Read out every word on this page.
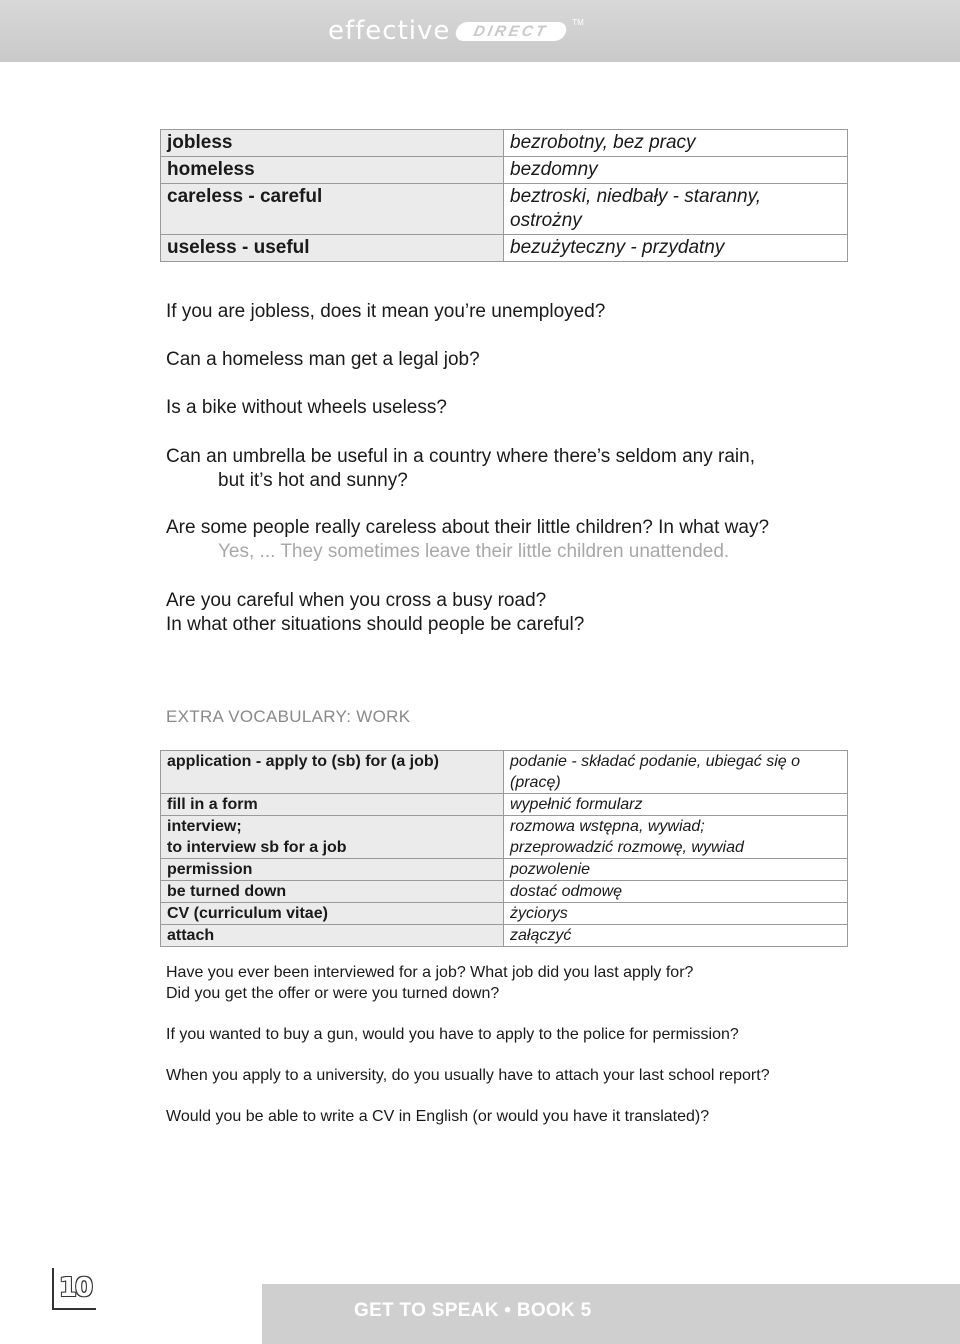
effective	DIRECT	TM
jobless	bezrobotny, bez pracy

homeless	bezdomny

careless - careful	beztroski, niedbały - staranny,
ostrożny

useless - useful	bezużyteczny - przydatny

If you are jobless, does it mean you’re unemployed?

Can a homeless man get a legal job?

Is a bike without wheels useless?

Can an umbrella be useful in a country where there’s seldom any rain,
but it’s hot and sunny?

Are some people really careless about their little children? In what way?

Yes, ... They sometimes leave their little children unattended.

Are you careful when you cross a busy road?

In what other situations should people be careful?

EXTRA VOCABULARY: WORK

application - apply to (sb) for (a job)	podanie - składać podanie, ubiegać się o
(pracę)

fill in a form	wypełnić formularz

interview;
to interview sb for a job	rozmowa wstępna, wywiad;
przeprowadzić rozmowę, wywiad

permission	pozwolenie

be turned down	dostać odmowę

CV (curriculum vitae)	życiorys

attach	załączyć

Have you ever been interviewed for a job? What job did you last apply for?

Did you get the offer or were you turned down?

If you wanted to buy a gun, would you have to apply to the police for permission?

When you apply to a university, do you usually have to attach your last school report?

Would you be able to write a CV in English (or would you have it translated)?

10
GET TO SPEAK • BOOK 5
